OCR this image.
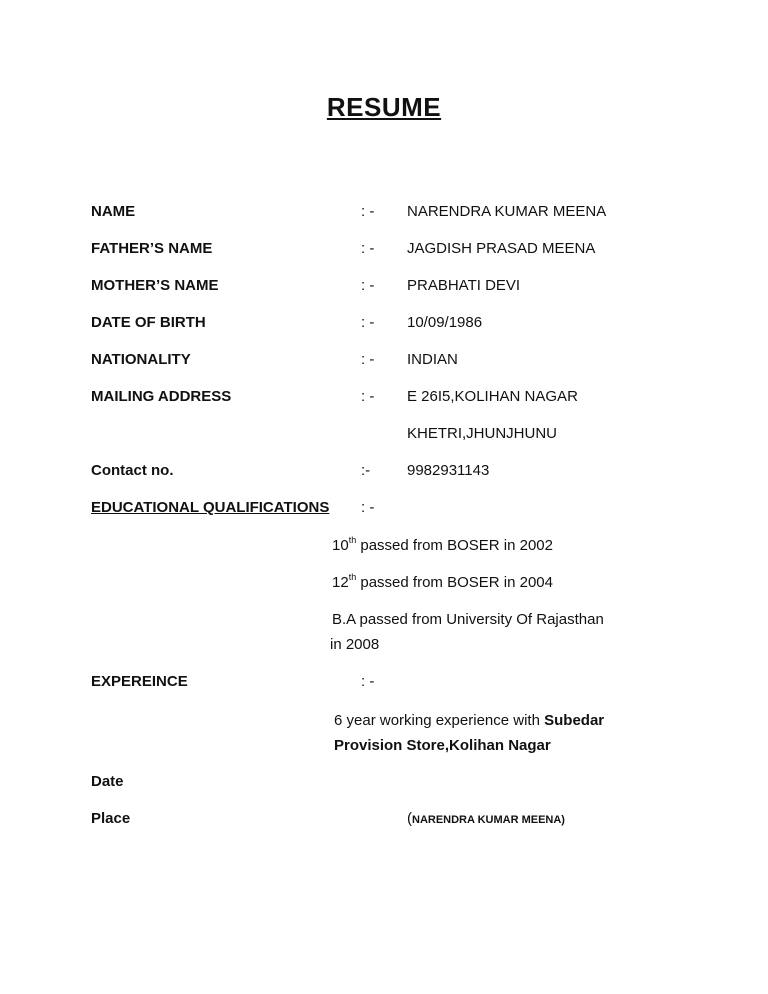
RESUME
NAME	: - NARENDRA KUMAR MEENA
FATHER’S NAME	: - JAGDISH PRASAD MEENA
MOTHER’S NAME	: - PRABHATI DEVI
DATE OF BIRTH	: - 10/09/1986
NATIONALITY	: - INDIAN
MAILING ADDRESS	: - E 26I5,KOLIHAN NAGAR
KHETRI,JHUNJHUNU
Contact no.	:- 9982931143
EDUCATIONAL QUALIFICATIONS : -
10th passed from BOSER in 2002
12th passed from BOSER in 2004
B.A passed from University Of Rajasthan
in 2008
EXPEREINCE	: -
6 year working experience with Subedar Provision Store,Kolihan Nagar
Date
Place	(NARENDRA KUMAR MEENA)
